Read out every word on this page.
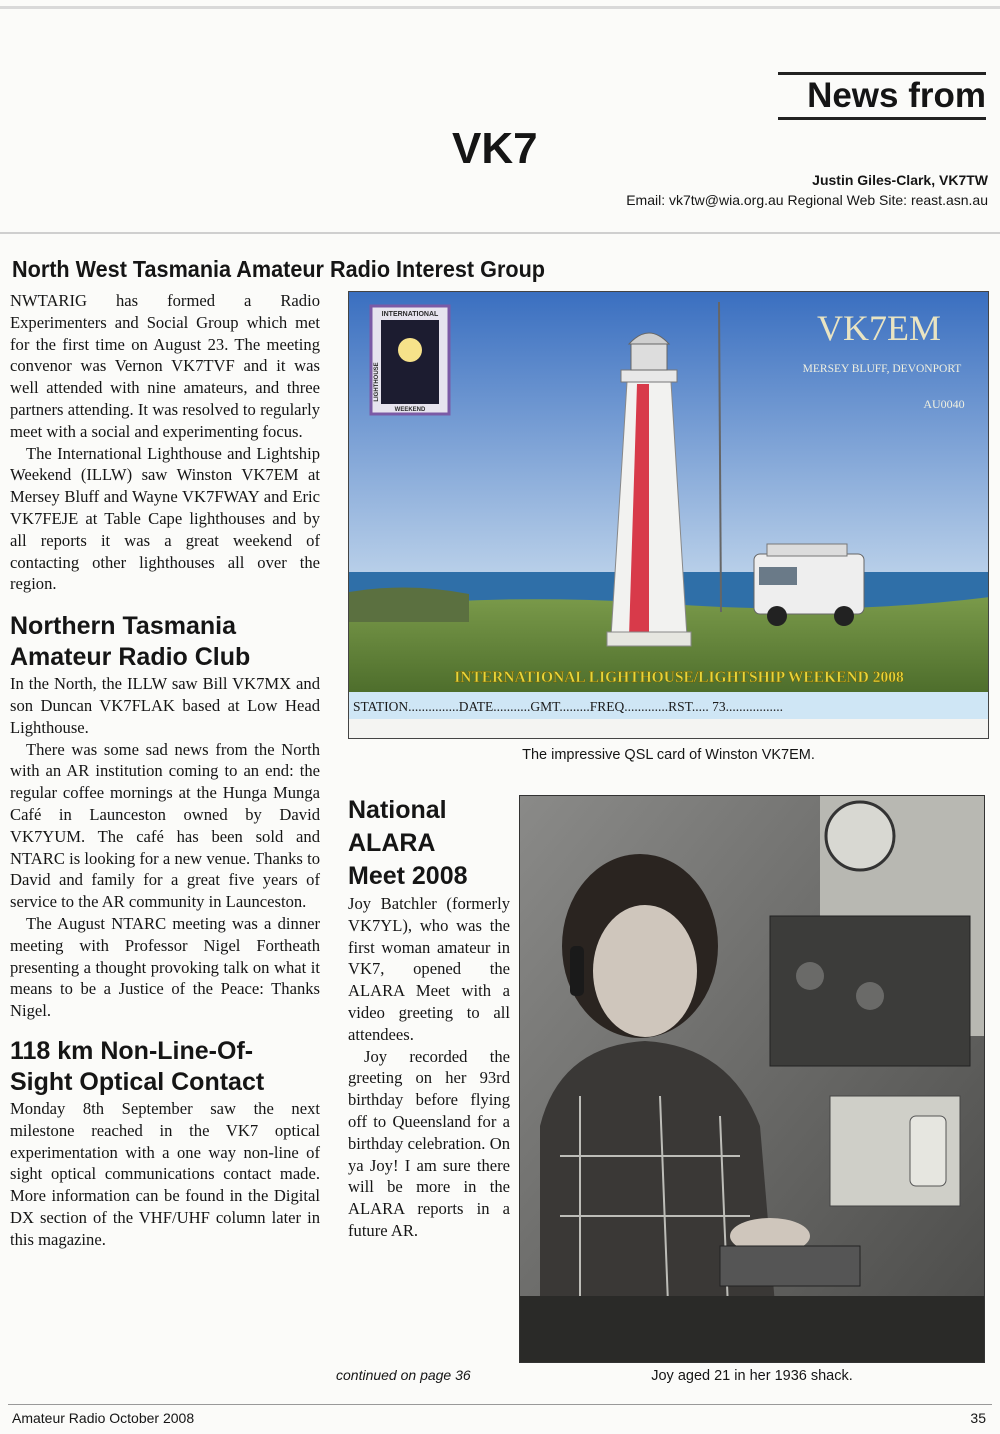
News from
VK7
Justin Giles-Clark, VK7TW
Email: vk7tw@wia.org.au Regional Web Site: reast.asn.au
North West Tasmania Amateur Radio Interest Group

NWTARIG has formed a Radio Experimenters and Social Group which met for the first time on August 23. The meeting convenor was Vernon VK7TVF and it was well attended with nine amateurs, and three partners attending. It was resolved to regularly meet with a social and experimenting focus.

The International Lighthouse and Lightship Weekend (ILLW) saw Winston VK7EM at Mersey Bluff and Wayne VK7FWAY and Eric VK7FEJE at Table Cape lighthouses and by all reports it was a great weekend of contacting other lighthouses all over the region.

Northern Tasmania
Amateur Radio Club

In the North, the ILLW saw Bill VK7MX and son Duncan VK7FLAK based at Low Head Lighthouse.

There was some sad news from the North with an AR institution coming to an end: the regular coffee mornings at the Hunga Munga Café in Launceston owned by David VK7YUM. The café has been sold and NTARC is looking for a new venue. Thanks to David and family for a great five years of service to the AR community in Launceston.

The August NTARC meeting was a dinner meeting with Professor Nigel Fortheath presenting a thought provoking talk on what it means to be a Justice of the Peace: Thanks Nigel.

118 km Non-Line-Of-
Sight Optical Contact

Monday 8th September saw the next milestone reached in the VK7 optical experimentation with a one way non-line of sight optical communications contact made. More information can be found in the Digital DX section of the VHF/UHF column later in this magazine.

INTERNATIONAL
WEEKEND
LIGHTHOUSE
VK7EM
MERSEY BLUFF, DEVONPORT
AU0040
INTERNATIONAL LIGHTHOUSE/LIGHTSHIP WEEKEND 2008
STATION...............DATE...........GMT.........FREQ.............RST..... 73.................
The impressive QSL card of Winston VK7EM.
National
ALARA
Meet 2008

Joy Batchler (formerly VK7YL), who was the first woman amateur in VK7, opened the ALARA Meet with a video greeting to all attendees.

Joy recorded the greeting on her 93rd birthday before flying off to Queensland for a birthday celebration. On ya Joy! I am sure there will be more in the ALARA reports in a future AR.

Joy aged 21 in her 1936 shack.
continued on page 36
Amateur Radio October 2008	35
